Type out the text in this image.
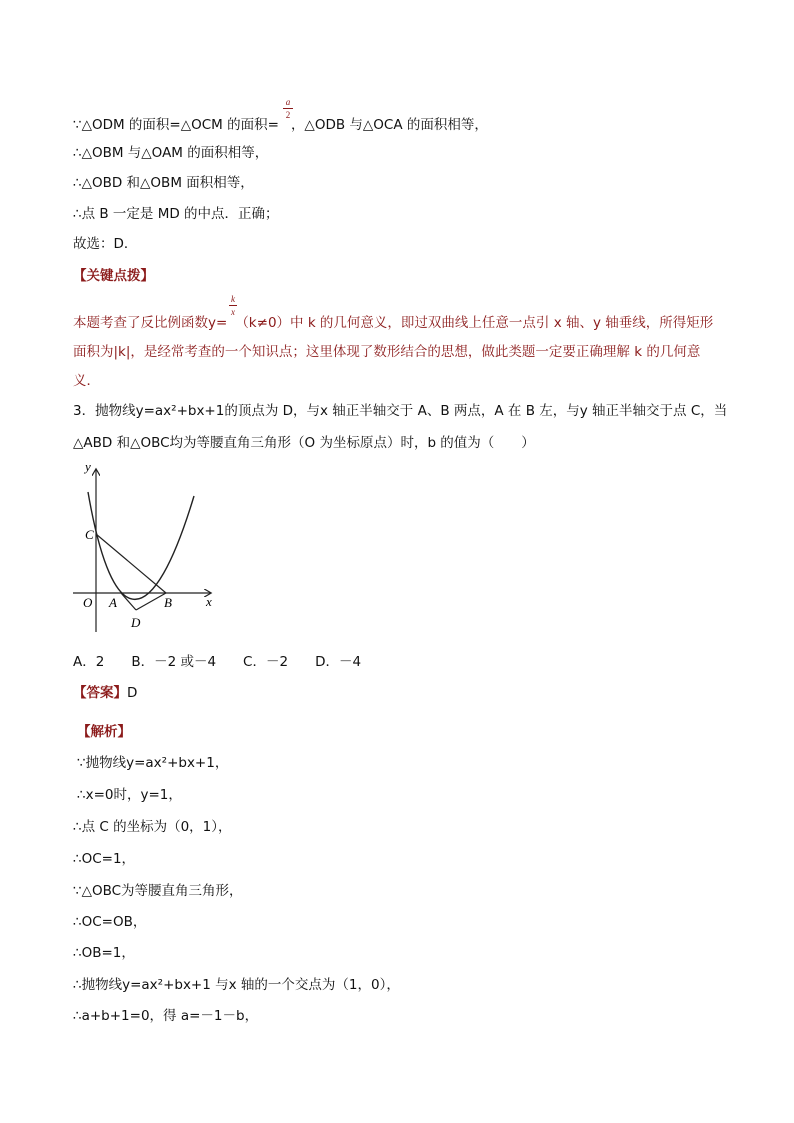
∵△ODM 的面积=△OCM 的面积= ，△ODB 与△OCA 的面积相等，
a
2
∴△OBM 与△OAM 的面积相等，
∴△OBD 和△OBM 面积相等，
∴点 B 一定是 MD 的中点．正确；
故选：D．
【关键点拨】
本题考查了反比例函数y= （k≠0）中 k 的几何意义，即过双曲线上任意一点引 x 轴、y 轴垂线，所得矩形
k
x
面积为|k|，是经常考查的一个知识点；这里体现了数形结合的思想，做此类题一定要正确理解 k 的几何意
义．
3．抛物线y=ax²+bx+1的顶点为 D，与x 轴正半轴交于 A、B 两点，A 在 B 左，与y 轴正半轴交于点 C，当
△ABD 和△OBC均为等腰直角三角形（O 为坐标原点）时，b 的值为（　　）
y
x
O A	B
C
D
A．2　　B．－2 或－4　　C．－2　　D．－4
【答案】D
【解析】
∵抛物线y=ax²+bx+1，
∴x=0时，y=1，
∴点 C 的坐标为（0，1），
∴OC=1，
∵△OBC为等腰直角三角形，
∴OC=OB，
∴OB=1，
∴抛物线y=ax²+bx+1 与x 轴的一个交点为（1，0），
∴a+b+1=0，得 a=－1－b，
